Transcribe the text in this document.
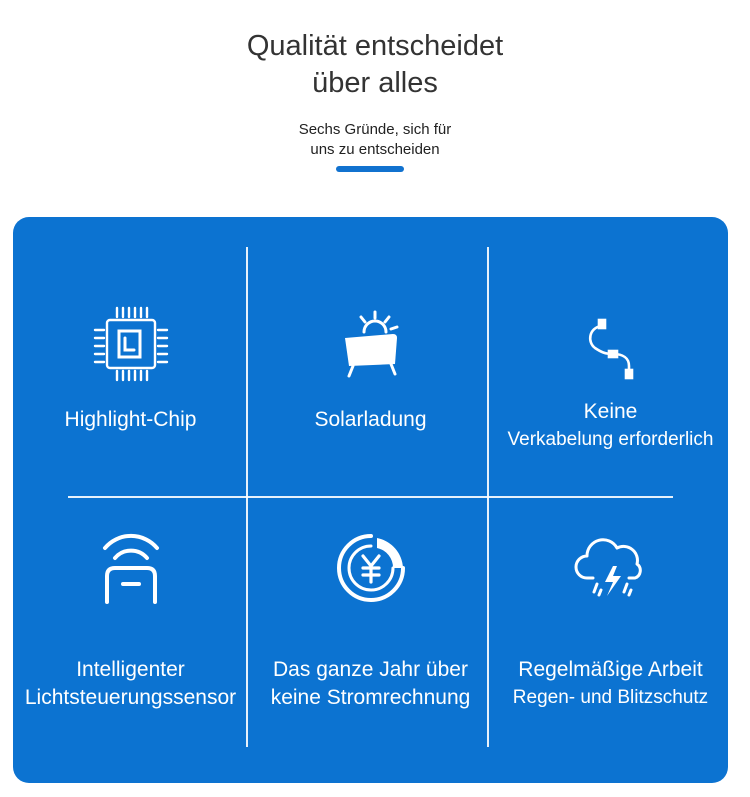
Qualität entscheidet
über alles
Sechs Gründe, sich für
uns zu entscheiden
Highlight-Chip	Solarladung	Keine
Verkabelung erforderlich
Intelligenter
Lichtsteuerungssensor
Das ganze Jahr über
keine Stromrechnung
Regelmäßige Arbeit
Regen- und Blitzschutz
